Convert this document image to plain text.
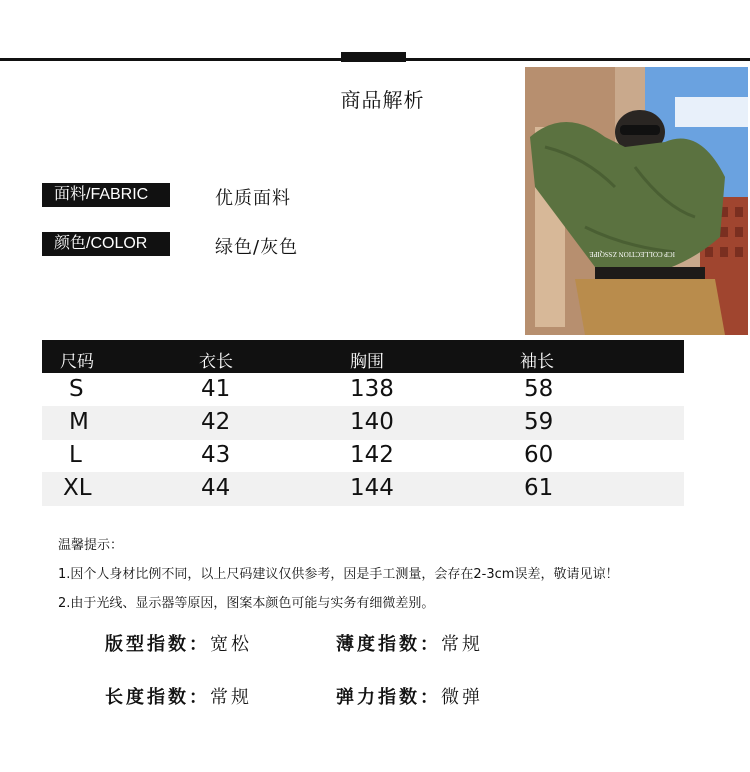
商品解析
面料/FABRIC	优质面料
颜色/COLOR	绿色/灰色	ICP COLLECTION ZSSQIPE
尺码	衣长	胸围	袖长
S	41	138	58
M	42	140	59
L	43	142	60
XL	44	144	61
温馨提示：
1.因个人身材比例不同，以上尺码建议仅供参考，因是手工测量，会存在2-3cm误差，敬请见谅！
2.由于光线、显示器等原因，图案本颜色可能与实务有细微差别。
版型指数：宽松	薄度指数：常规
长度指数：常规	弹力指数：微弹
